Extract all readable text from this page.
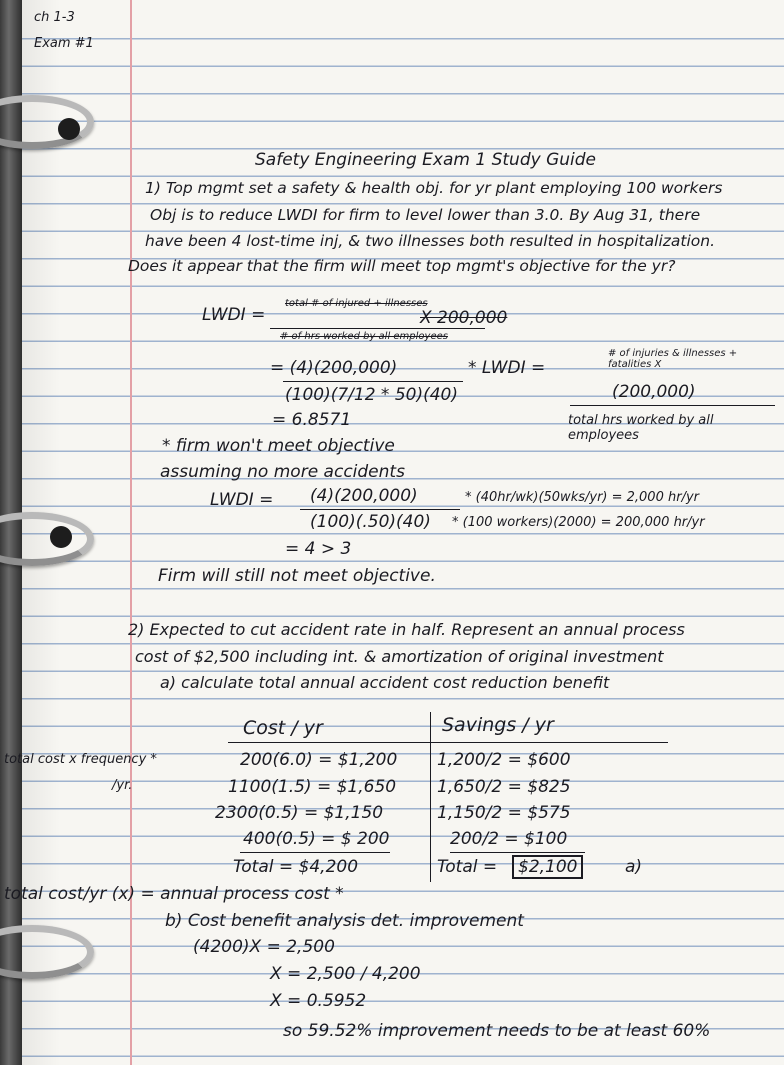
ch 1-3
Exam #1
Safety Engineering Exam 1 Study Guide
1) Top mgmt set a safety & health obj. for yr plant employing 100 workers
Obj is to reduce LWDI for firm to level lower than 3.0. By Aug 31, there
have been 4 lost-time inj, & two illnesses both resulted in hospitalization.
Does it appear that the firm will meet top mgmt's objective for the yr?
LWDI =
total # of injured + illnesses
X 200,000
# of hrs worked by all employees
= (4)(200,000)
(100)(7/12 * 50)(40)
= 6.8571
* LWDI =
# of injuries & illnesses + fatalities X
(200,000)
total hrs worked by all employees
* firm won't meet objective
assuming no more accidents
LWDI = (4)(200,000)
(100)(.50)(40)
* (40hr/wk)(50wks/yr) = 2,000 hr/yr
* (100 workers)(2000) = 200,000 hr/yr
= 4 > 3
Firm will still not meet objective.
2) Expected to cut accident rate in half. Represent an annual process
cost of $2,500 including int. & amortization of original investment
a) calculate total annual accident cost reduction benefit
Cost / yr	Savings / yr
total cost x frequency *
/yr.
200(6.0) = $1,200 1,200/2 = $600
1100(1.5) = $1,650 1,650/2 = $825
2300(0.5) = $1,150	1,150/2 = $575
400(0.5) = $ 200	200/2 = $100
Total = $4,200	Total =	$2,100	a)
total cost/yr (x) = annual process cost *
b) Cost benefit analysis det. improvement
(4200)X = 2,500
X = 2,500 / 4,200
X = 0.5952
so 59.52% improvement needs to be at least 60%
